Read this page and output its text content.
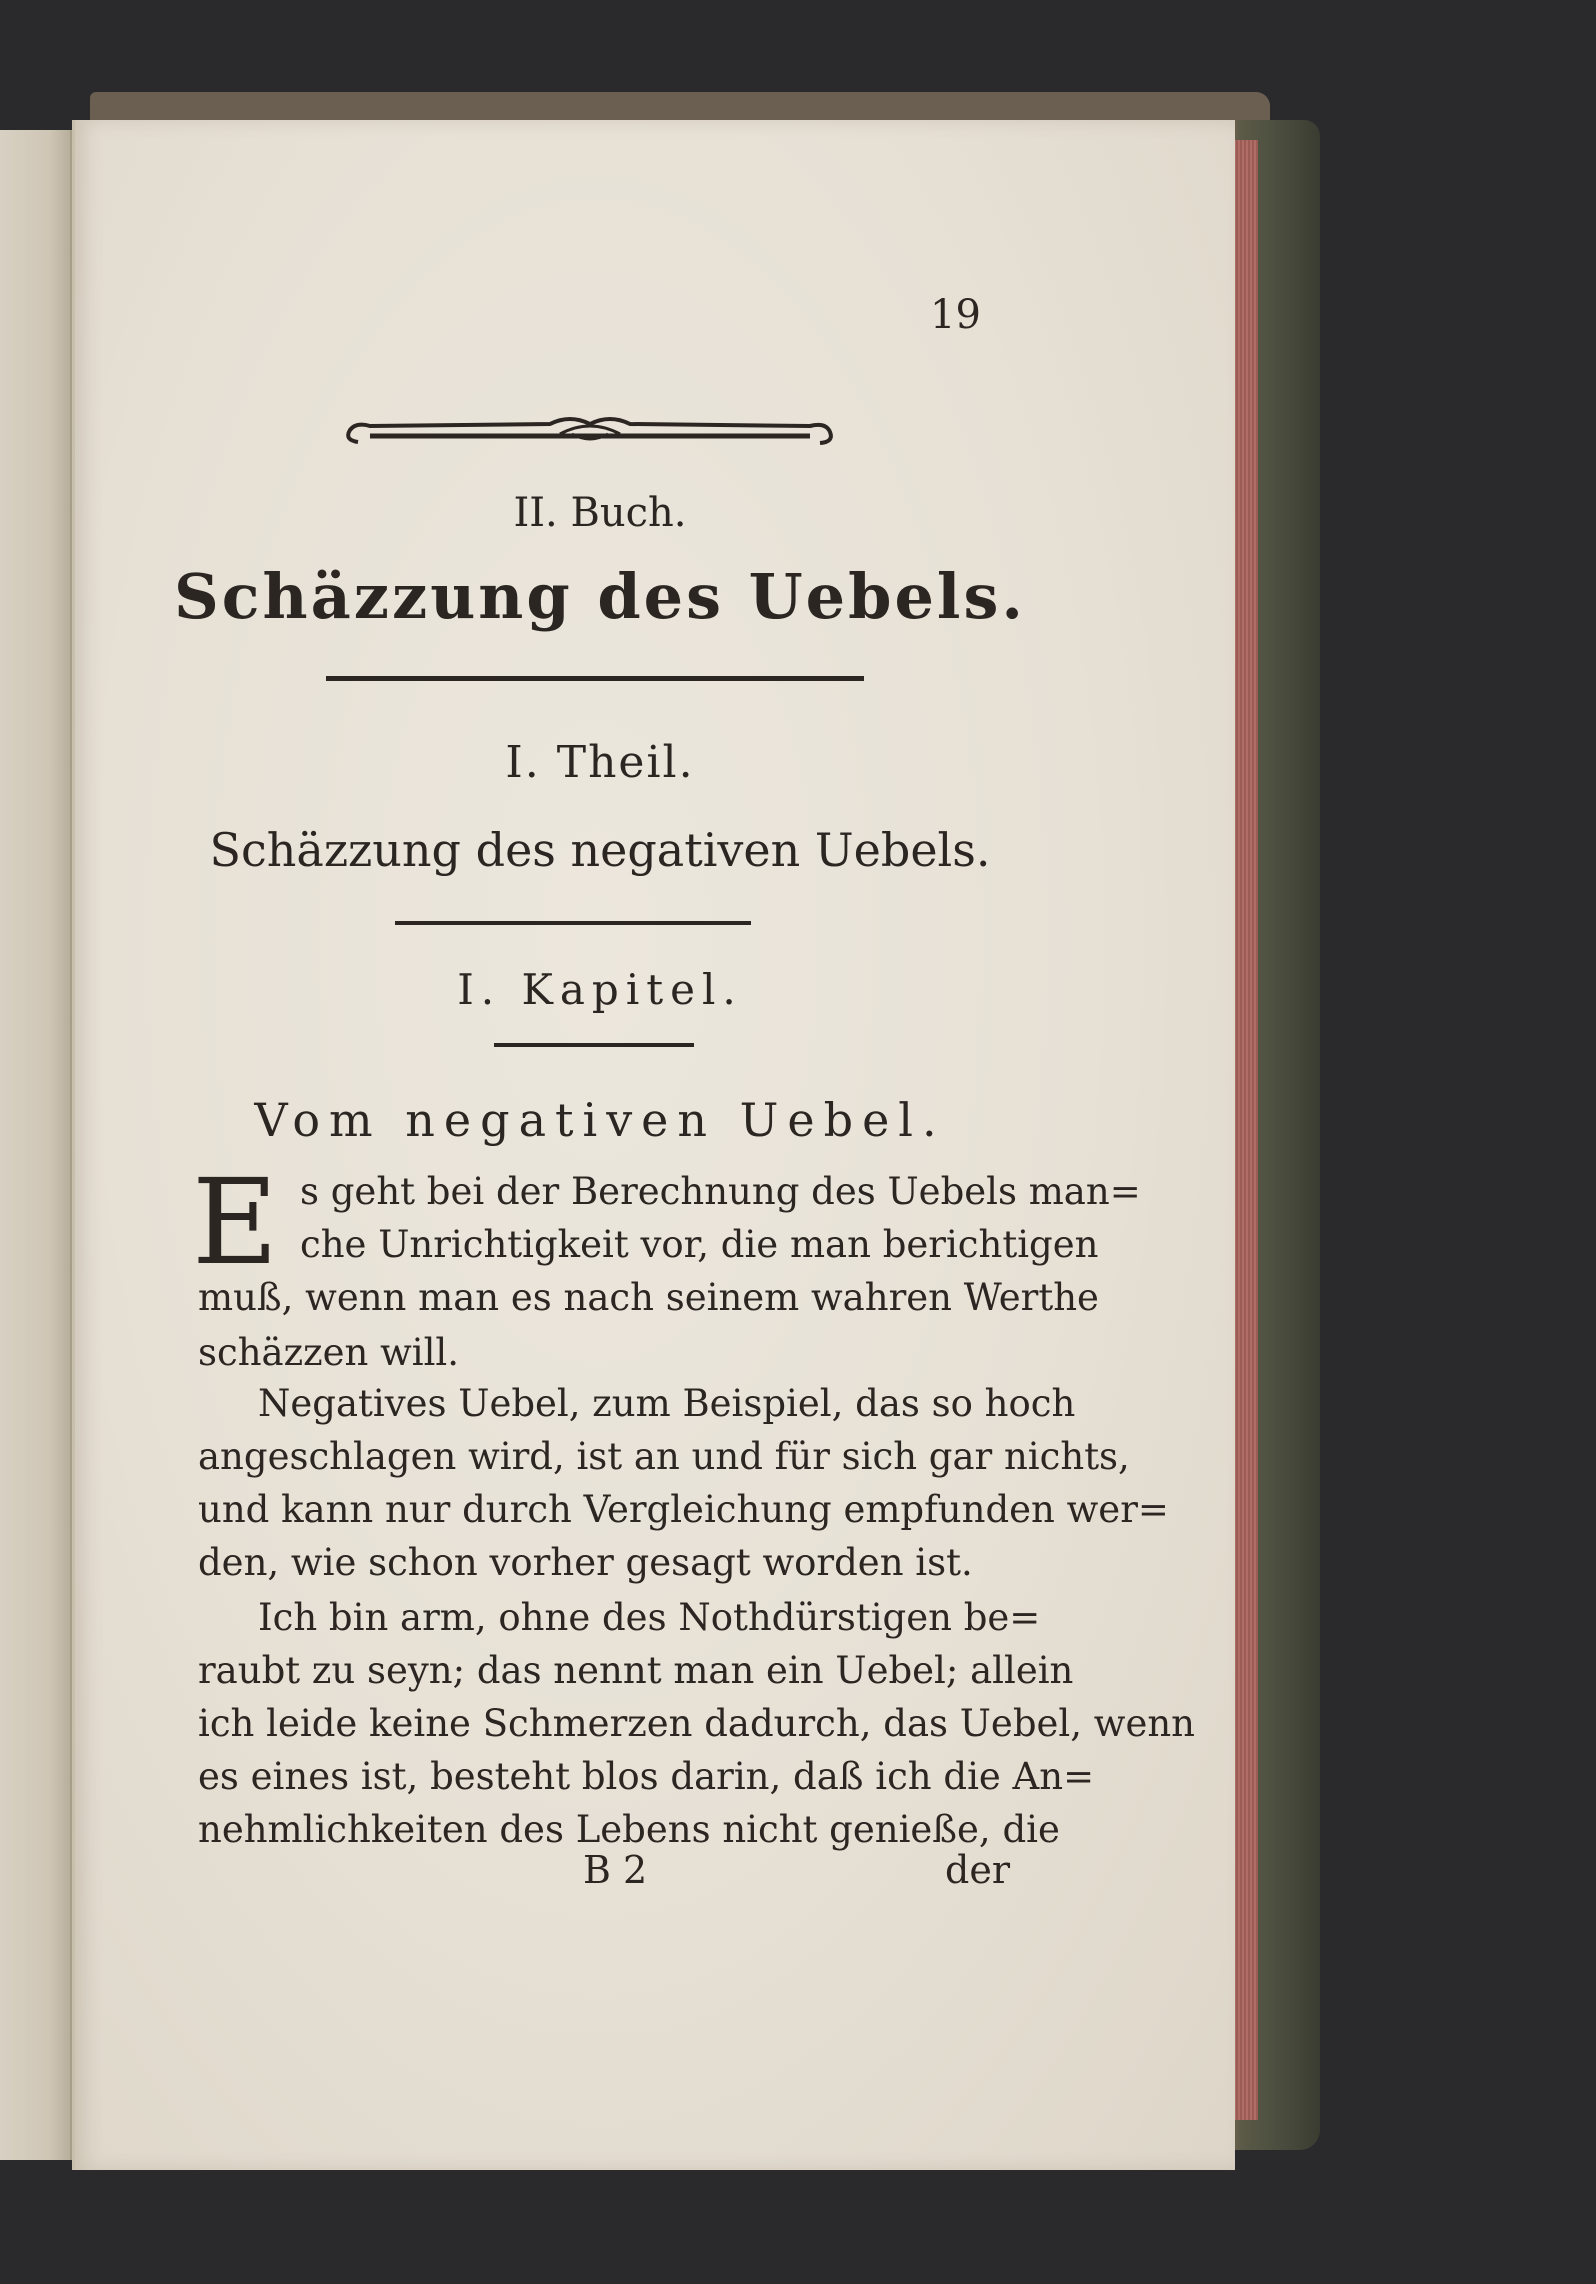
19
II. Buch.
Schäzzung des Uebels.
I. Theil.
Schäzzung des negativen Uebels.
I. Kapitel.
Vom negativen Uebel.
E s geht bei der Berechnung des Uebels man=
che Unrichtigkeit vor, die man berichtigen
muß, wenn man es nach seinem wahren Werthe
schäzzen will.
Negatives Uebel, zum Beispiel, das so hoch
angeschlagen wird, ist an und für sich gar nichts,
und kann nur durch Vergleichung empfunden wer=
den, wie schon vorher gesagt worden ist.
Ich bin arm, ohne des Nothdürstigen be=
raubt zu seyn; das nennt man ein Uebel; allein
ich leide keine Schmerzen dadurch, das Uebel, wenn
es eines ist, besteht blos darin, daß ich die An=
nehmlichkeiten des Lebens nicht genieße, die
B 2	der
